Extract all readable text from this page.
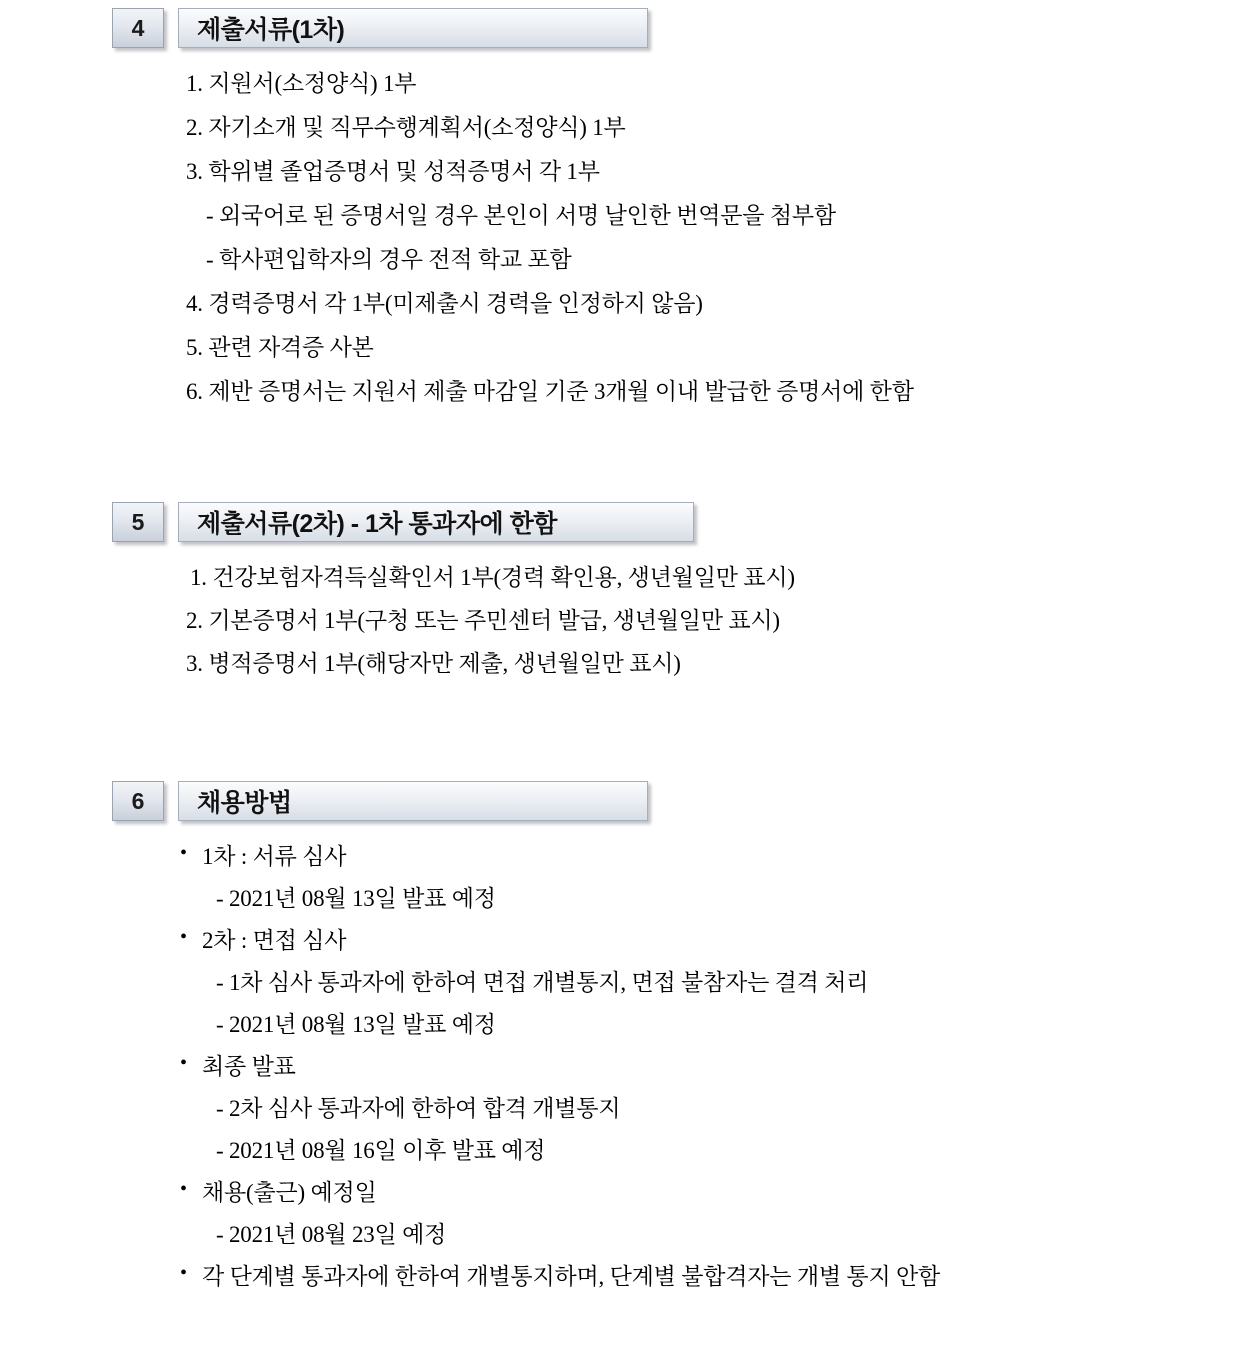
4	제출서류(1차)
1. 지원서(소정양식) 1부
2. 자기소개 및 직무수행계획서(소정양식) 1부
3. 학위별 졸업증명서 및 성적증명서 각 1부
- 외국어로 된 증명서일 경우 본인이 서명 날인한 번역문을 첨부함
- 학사편입학자의 경우 전적 학교 포함
4. 경력증명서 각 1부(미제출시 경력을 인정하지 않음)
5. 관련 자격증 사본
6. 제반 증명서는 지원서 제출 마감일 기준 3개월 이내 발급한 증명서에 한함
5	제출서류(2차) - 1차 통과자에 한함
1. 건강보험자격득실확인서 1부(경력 확인용, 생년월일만 표시)
2. 기본증명서 1부(구청 또는 주민센터 발급, 생년월일만 표시)
3. 병적증명서 1부(해당자만 제출, 생년월일만 표시)
6	채용방법
• 1차 : 서류 심사
- 2021년 08월 13일 발표 예정
• 2차 : 면접 심사
- 1차 심사 통과자에 한하여 면접 개별통지, 면접 불참자는 결격 처리
- 2021년 08월 13일 발표 예정
• 최종 발표
- 2차 심사 통과자에 한하여 합격 개별통지
- 2021년 08월 16일 이후 발표 예정
• 채용(출근) 예정일
- 2021년 08월 23일 예정
• 각 단계별 통과자에 한하여 개별통지하며, 단계별 불합격자는 개별 통지 안함
